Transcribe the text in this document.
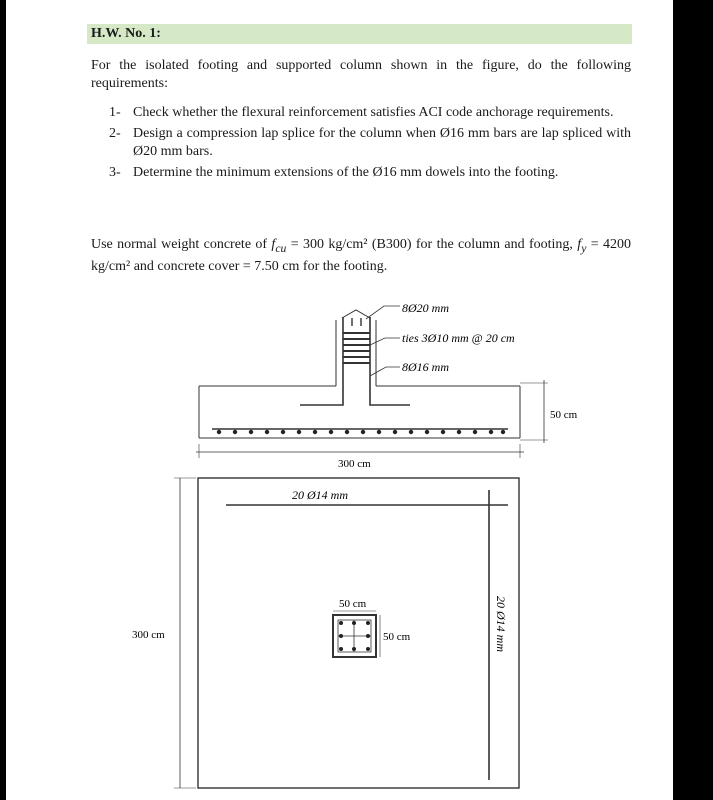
H.W. No. 1:
For the isolated footing and supported column shown in the figure, do the following requirements:
1- Check whether the flexural reinforcement satisfies ACI code anchorage requirements.
2- Design a compression lap splice for the column when Ø16 mm bars are lap spliced with Ø20 mm bars.
3- Determine the minimum extensions of the Ø16 mm dowels into the footing.
Use normal weight concrete of $f_{cu} = 300$ kg/cm² (B300) for the column and footing, $f_y = 4200$ kg/cm² and concrete cover = 7.50 cm for the footing.
8Ø20 mm
ties 3Ø10 mm @ 20 cm
8Ø16 mm
50 cm
300 cm
20 Ø14 mm
300 cm
50 cm
50 cm	20 Ø14 mm
